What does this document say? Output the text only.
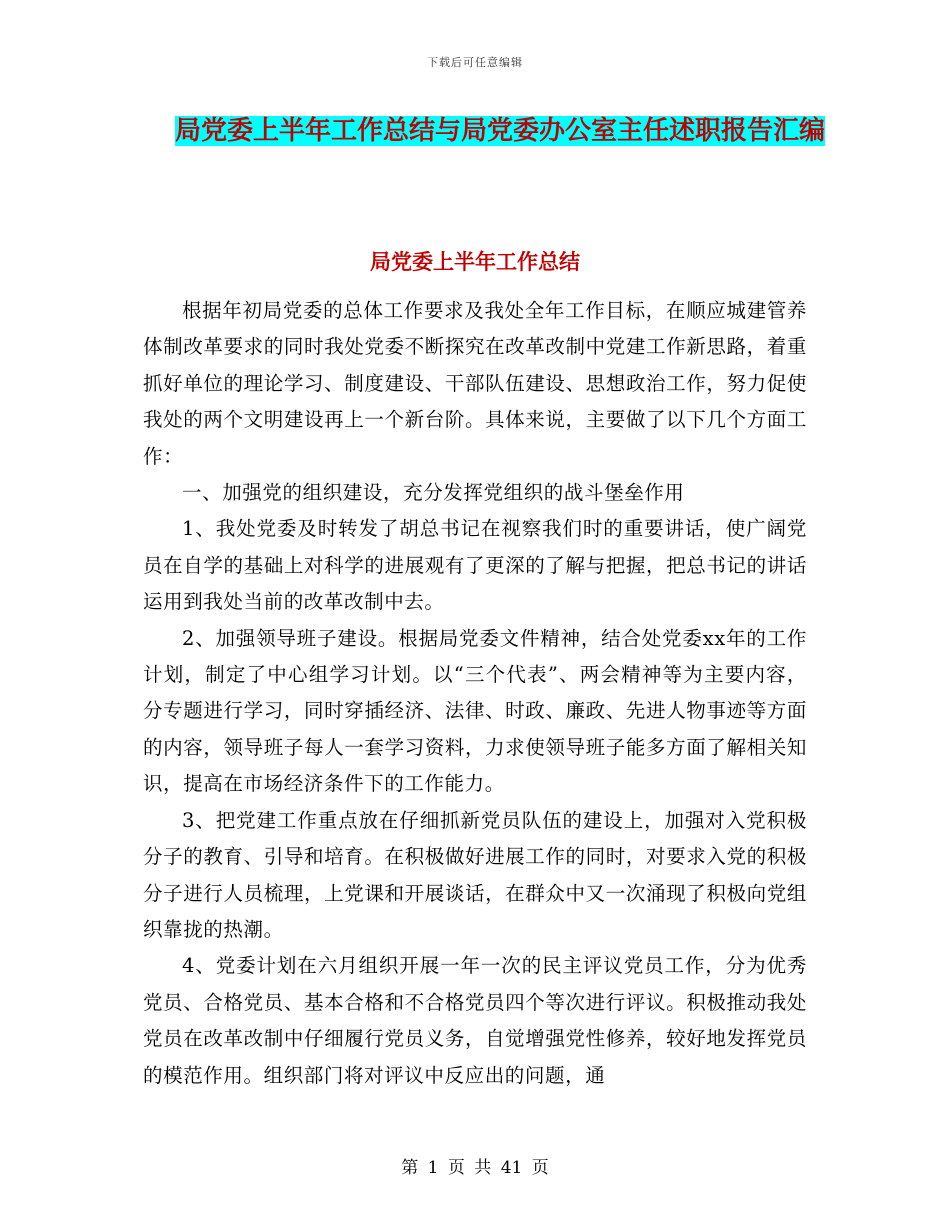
下载后可任意编辑
局党委上半年工作总结与局党委办公室主任述职报告汇编
局党委上半年工作总结

根据年初局党委的总体工作要求及我处全年工作目标，在顺应城建管养体制改革要求的同时我处党委不断探究在改革改制中党建工作新思路，着重抓好单位的理论学习、制度建设、干部队伍建设、思想政治工作，努力促使我处的两个文明建设再上一个新台阶。具体来说，主要做了以下几个方面工作：

一、加强党的组织建设，充分发挥党组织的战斗堡垒作用

1、我处党委及时转发了胡总书记在视察我们时的重要讲话，使广阔党员在自学的基础上对科学的进展观有了更深的了解与把握，把总书记的讲话运用到我处当前的改革改制中去。

2、加强领导班子建设。根据局党委文件精神，结合处党委xx年的工作计划，制定了中心组学习计划。以“三个代表”、两会精神等为主要内容，分专题进行学习，同时穿插经济、法律、时政、廉政、先进人物事迹等方面的内容，领导班子每人一套学习资料，力求使领导班子能多方面了解相关知识，提高在市场经济条件下的工作能力。

3、把党建工作重点放在仔细抓新党员队伍的建设上，加强对入党积极分子的教育、引导和培育。在积极做好进展工作的同时，对要求入党的积极分子进行人员梳理，上党课和开展谈话，在群众中又一次涌现了积极向党组织靠拢的热潮。

4、党委计划在六月组织开展一年一次的民主评议党员工作，分为优秀党员、合格党员、基本合格和不合格党员四个等次进行评议。积极推动我处党员在改革改制中仔细履行党员义务，自觉增强党性修养，较好地发挥党员的模范作用。组织部门将对评议中反应出的问题，通

第 1 页 共 41 页
